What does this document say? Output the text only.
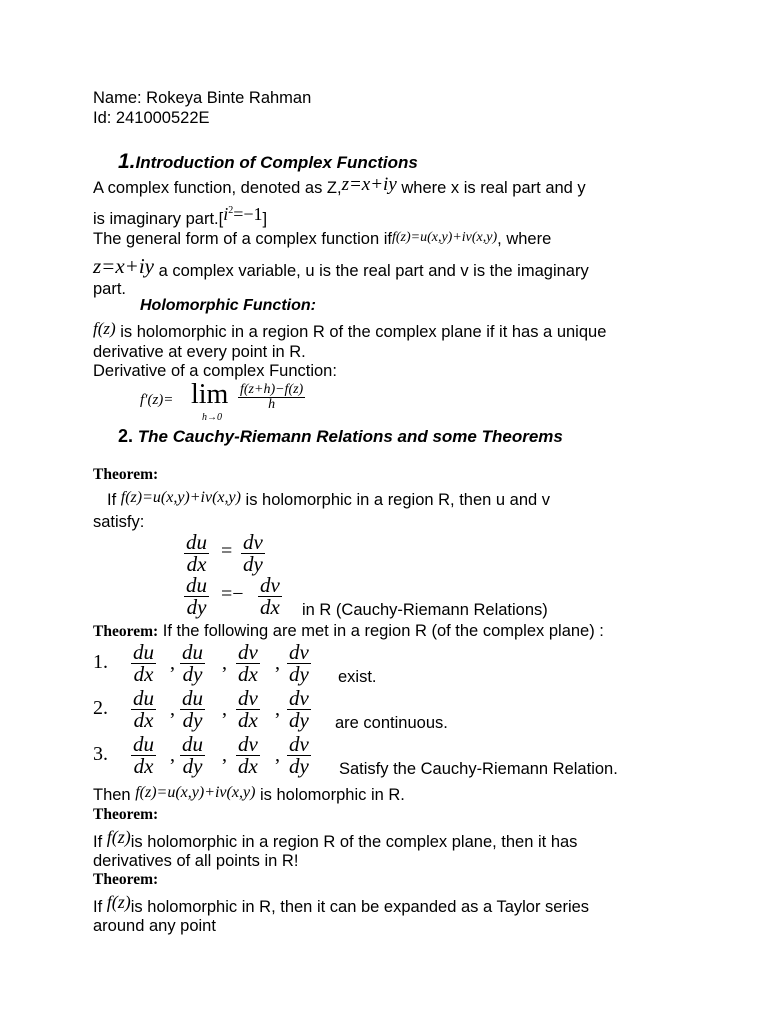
Name: Rokeya Binte Rahman
Id: 241000522E
1.Introduction of Complex Functions
A complex function, denoted as Z,z=x+iy where x is real part and y
is imaginary $part.[i^2=-1]$
The general form of a complex function iff(z)=u(x,y)+iv(x,y), where
z=x+iy a complex variable, u is the real part and v is the imaginary
part.
Holomorphic Function:
f(z) is holomorphic in a region R of the complex plane if it has a unique
derivative at every point in R.
Derivative of a complex Function:
f′(z)= lim
h→0
$\frac{f(z+h)-f(z)}{h}$
2. The Cauchy-Riemann Relations and some Theorems
Theorem:
If f(z)=u(x,y)+iv(x,y) is holomorphic in a region R, then u and v
satisfy:
$\frac{du}{dx} = \frac{dv}{dy}$
$\frac{du}{dy} =- \frac{dv}{dx}$ in R (Cauchy-Riemann Relations)
Theorem: If the following are met in a region R (of the complex plane) :
1. $\frac{du}{dx}$ , $\frac{du}{dy}$ , $\frac{dv}{dx}$ , $\frac{dv}{dy}$ exist.
2. $\frac{du}{dx}$ , $\frac{du}{dy}$ , $\frac{dv}{dx}$ , $\frac{dv}{dy}$ are continuous.
3. $\frac{du}{dx}$ , $\frac{du}{dy}$ , $\frac{dv}{dx}$ , $\frac{dv}{dy}$ Satisfy the Cauchy-Riemann Relation.
Then f(z)=u(x,y)+iv(x,y) is holomorphic in R.
Theorem:
If f(z)is holomorphic in a region R of the complex plane, then it has
derivatives of all points in R!
Theorem:
If f(z)is holomorphic in R, then it can be expanded as a Taylor series
around any point
